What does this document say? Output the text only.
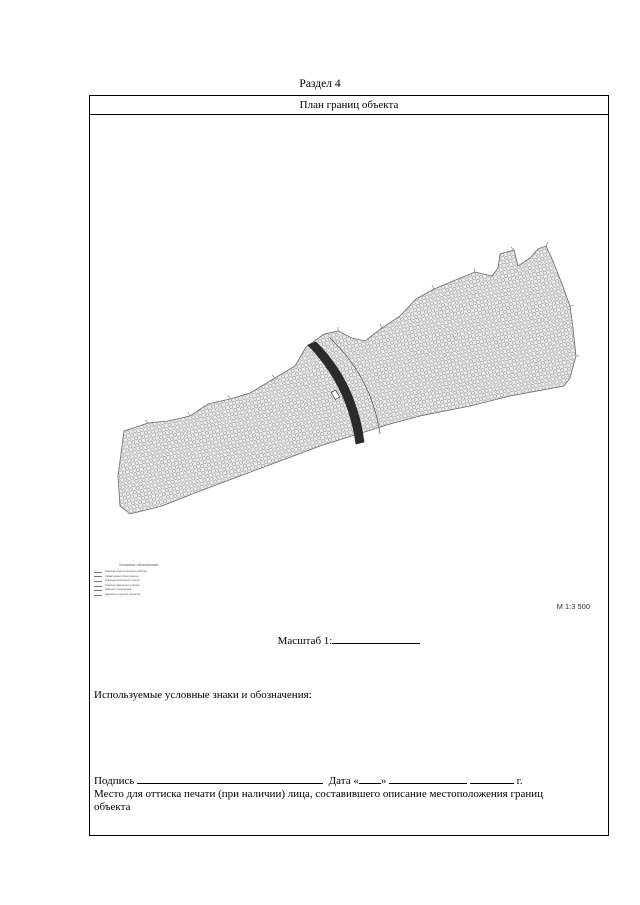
Раздел 4
План границ объекта
Условные обозначения
Граница объекта землеустройства
Характерная точка границы
Граница населенного пункта
Граница земельного участка
Здания и сооружения
Надписи и подписи объектов
М 1:3 500
Масштаб 1:
Используемые условные знаки и обозначения:
Подпись	Дата « »	г.
Место для оттиска печати (при наличии) лица, составившего описание местоположения границ объекта
